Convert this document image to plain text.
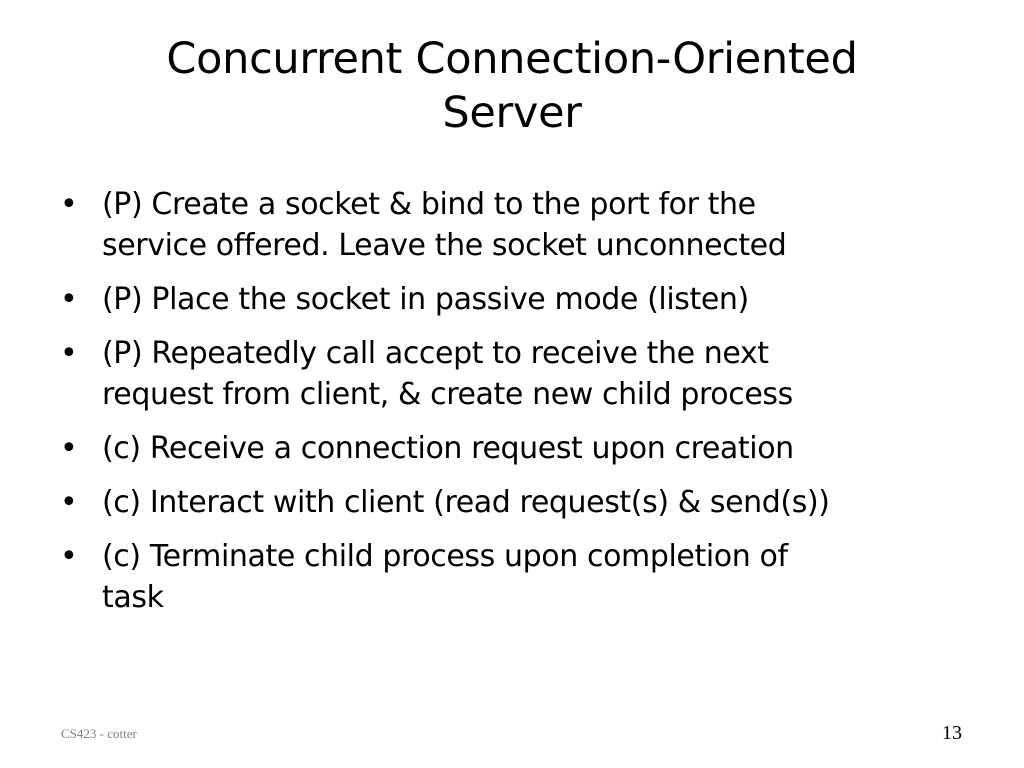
Concurrent Connection-Oriented
Server
• (P) Create a socket & bind to the port for the
service offered. Leave the socket unconnected
• (P) Place the socket in passive mode (listen)
• (P) Repeatedly call accept to receive the next
request from client, & create new child process
• (c) Receive a connection request upon creation
• (c) Interact with client (read request(s) & send(s))
• (c) Terminate child process upon completion of
task
CS423 - cotter	13
